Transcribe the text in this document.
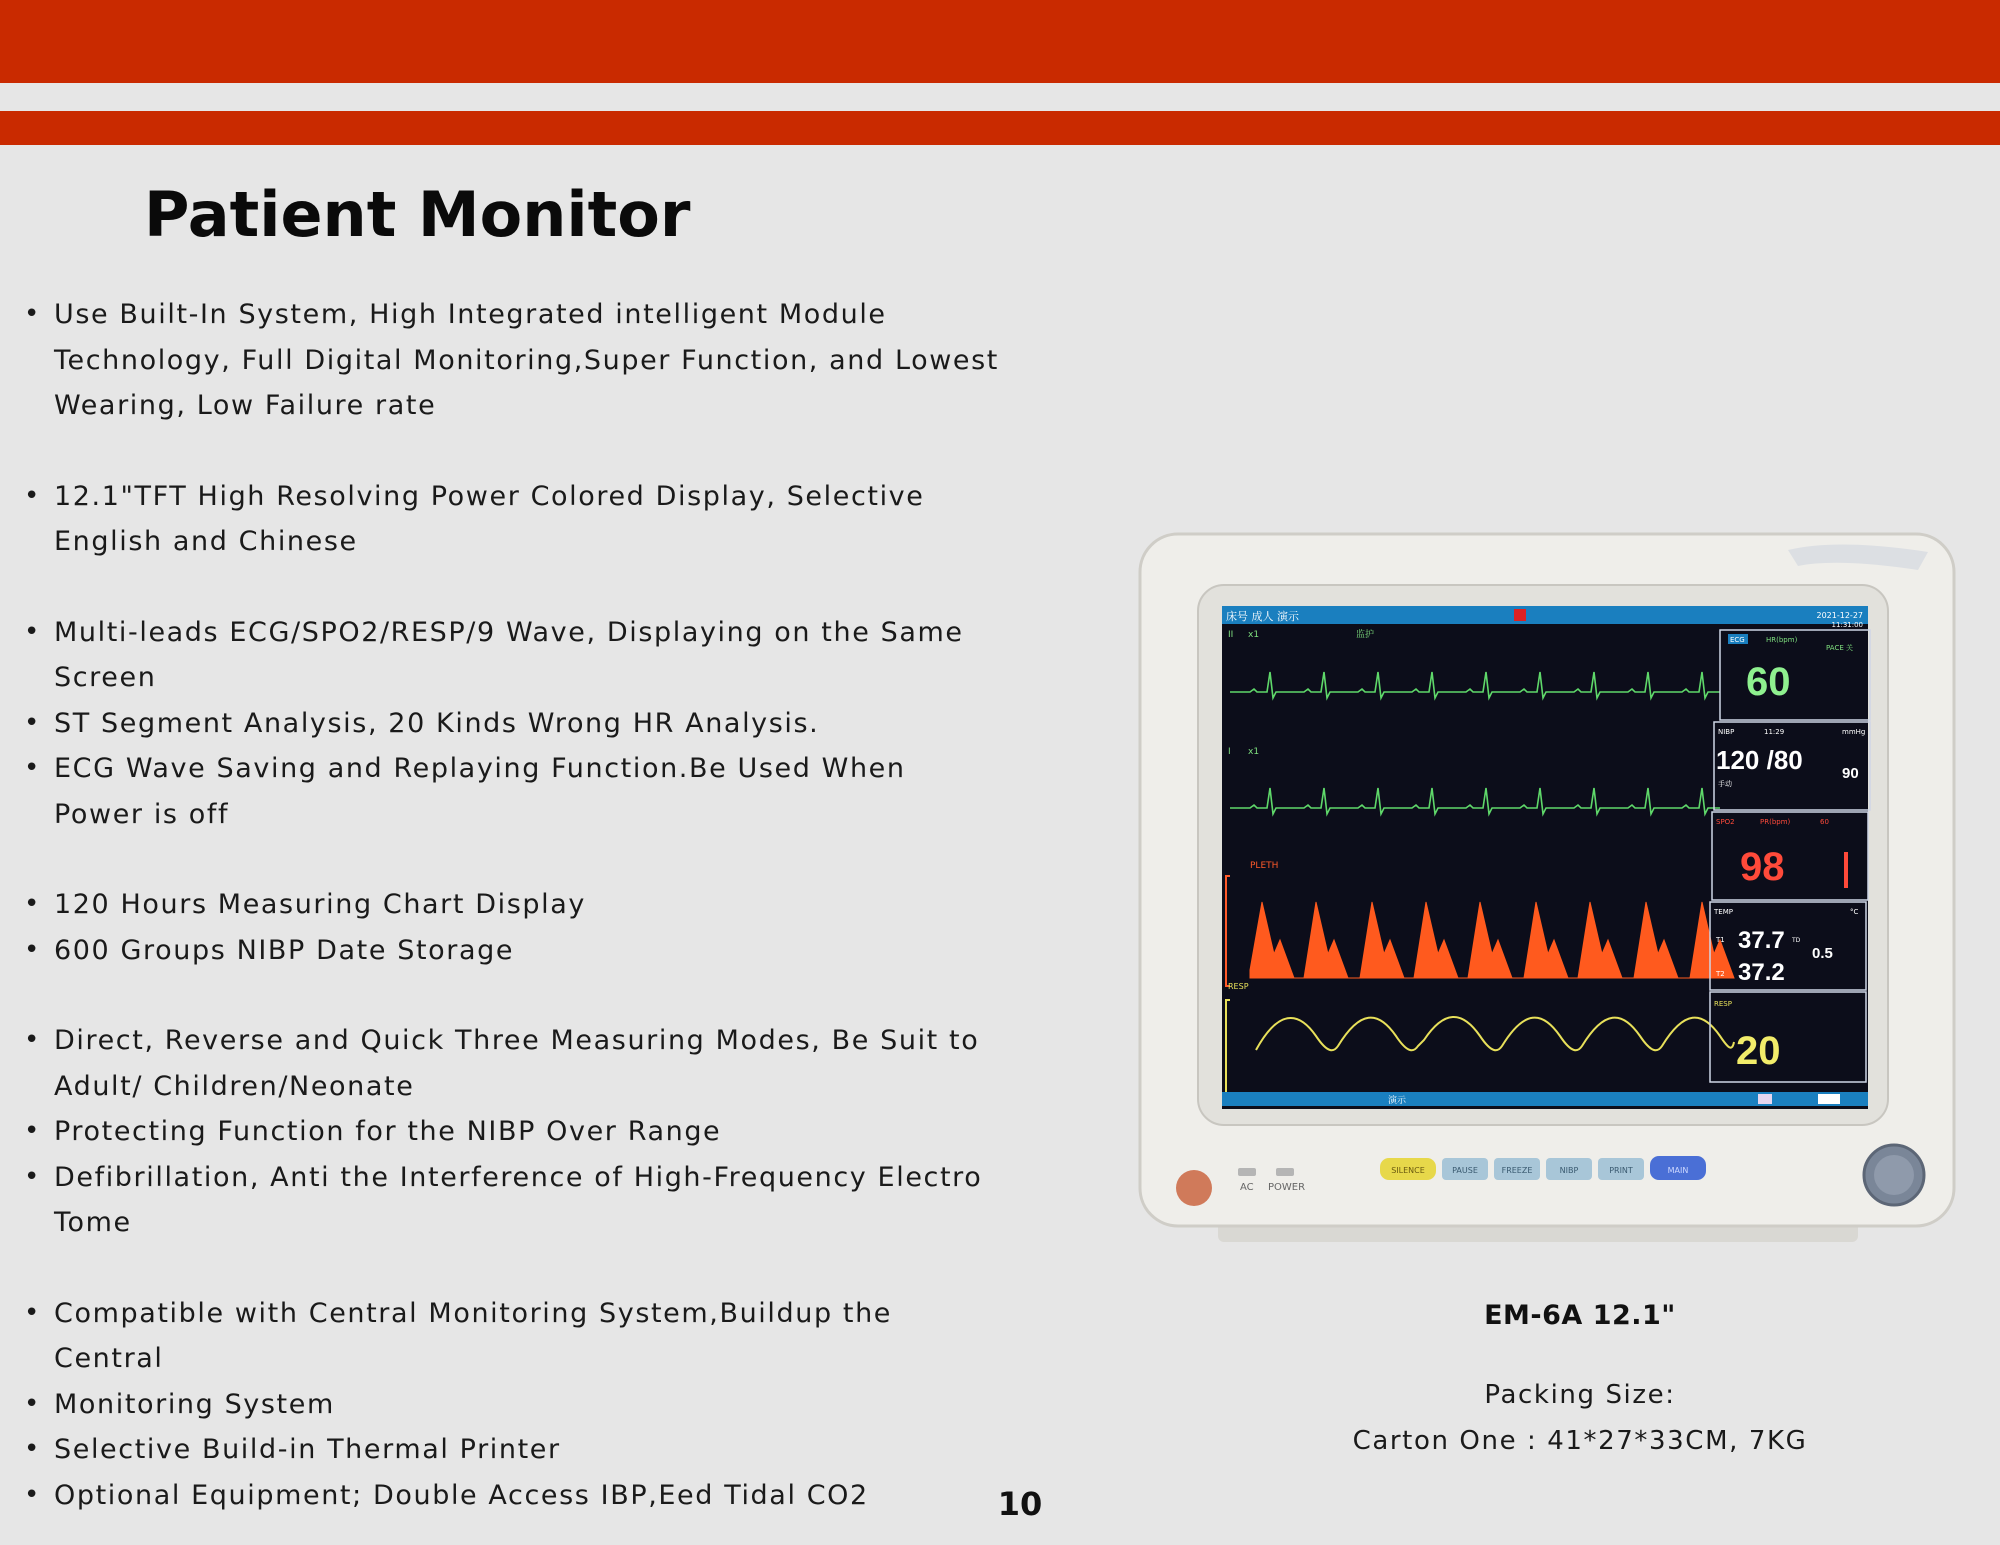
Patient Monitor
• Use Built-In System, High Integrated intelligent Module Technology, Full Digital Monitoring,Super Function, and Lowest Wearing, Low Failure rate
• 12.1"TFT High Resolving Power Colored Display, Selective English and Chinese
• Multi-leads ECG/SPO2/RESP/9 Wave, Displaying on the Same Screen
• ST Segment Analysis, 20 Kinds Wrong HR Analysis.
• ECG Wave Saving and Replaying Function.Be Used When Power is off
• 120 Hours Measuring Chart Display
• 600 Groups NIBP Date Storage
• Direct, Reverse and Quick Three Measuring Modes, Be Suit to Adult/ Children/Neonate
• Protecting Function for the NIBP Over Range
• Defibrillation, Anti the Interference of High-Frequency Electro Tome
• Compatible with Central Monitoring System,Buildup the Central
• Monitoring System
• Selective Build-in Thermal Printer
• Optional Equipment; Double Access IBP,Eed Tidal CO2
床号 成人 演示	2021-12-27
11:31:00
II x1	监护
I x1
PLETH
RESP
ECG	HR(bpm)
PACE 关
60
NIBP	11:29	mmHg
120 /80	90
手动
SPO2	PR(bpm)	60
98
TEMP	°C
T1 37.7 TD
0.5
T2 37.2
RESP
20
演示
AC POWER
SILENCE	PAUSE	FREEZE	NIBP	PRINT	MAIN
EM-6A 12.1"
Packing Size:
Carton One : 41*27*33CM, 7KG
10
